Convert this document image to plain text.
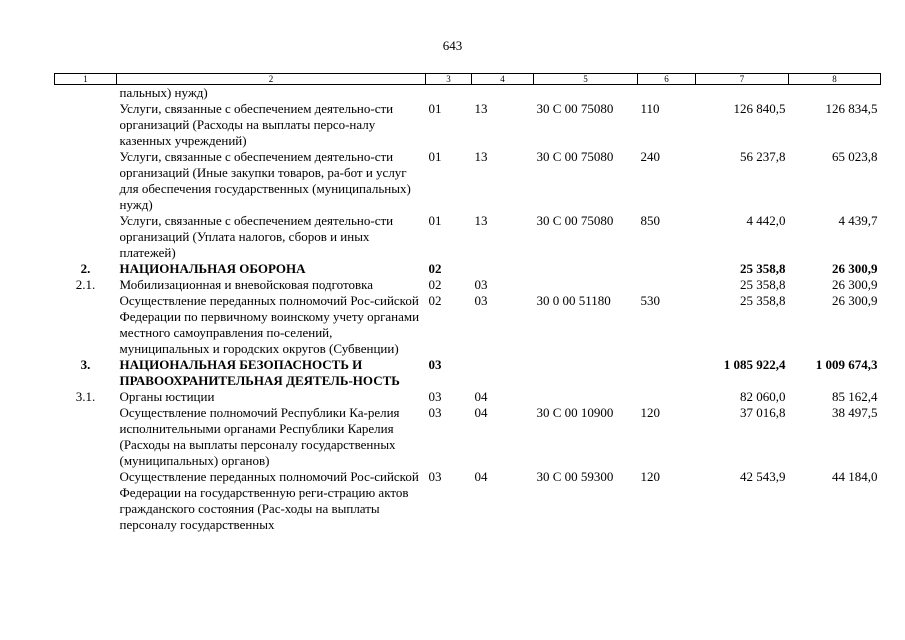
643
1	2	3	4	5	6	7	8
	пальных) нужд)						
	Услуги, связанные с обеспечением деятельно-сти организаций (Расходы на выплаты персо-налу казенных учреждений)	01	13	30 С 00 75080	110	126 840,5	126 834,5
	Услуги, связанные с обеспечением деятельно-сти организаций (Иные закупки товаров, ра-бот и услуг для обеспечения государственных (муниципальных) нужд)	01	13	30 С 00 75080	240	56 237,8	65 023,8
	Услуги, связанные с обеспечением деятельно-сти организаций (Уплата налогов, сборов и иных платежей)	01	13	30 С 00 75080	850	4 442,0	4 439,7
2.	НАЦИОНАЛЬНАЯ ОБОРОНА	02				25 358,8	26 300,9
2.1.	Мобилизационная и вневойсковая подготовка	02	03			25 358,8	26 300,9
	Осуществление переданных полномочий Рос-сийской Федерации по первичному воинскому учету органами местного самоуправления по-селений, муниципальных и городских округов (Субвенции)	02	03	30 0 00 51180	530	25 358,8	26 300,9
3.	НАЦИОНАЛЬНАЯ БЕЗОПАСНОСТЬ И ПРАВООХРАНИТЕЛЬНАЯ ДЕЯТЕЛЬ-НОСТЬ	03				1 085 922,4	1 009 674,3
3.1.	Органы юстиции	03	04			82 060,0	85 162,4
	Осуществление полномочий Республики Ка-релия исполнительными органами Республики Карелия (Расходы на выплаты персоналу государственных (муниципальных) органов)	03	04	30 С 00 10900	120	37 016,8	38 497,5
	Осуществление переданных полномочий Рос-сийской Федерации на государственную реги-страцию актов гражданского состояния (Рас-ходы на выплаты персоналу государственных	03	04	30 С 00 59300	120	42 543,9	44 184,0
